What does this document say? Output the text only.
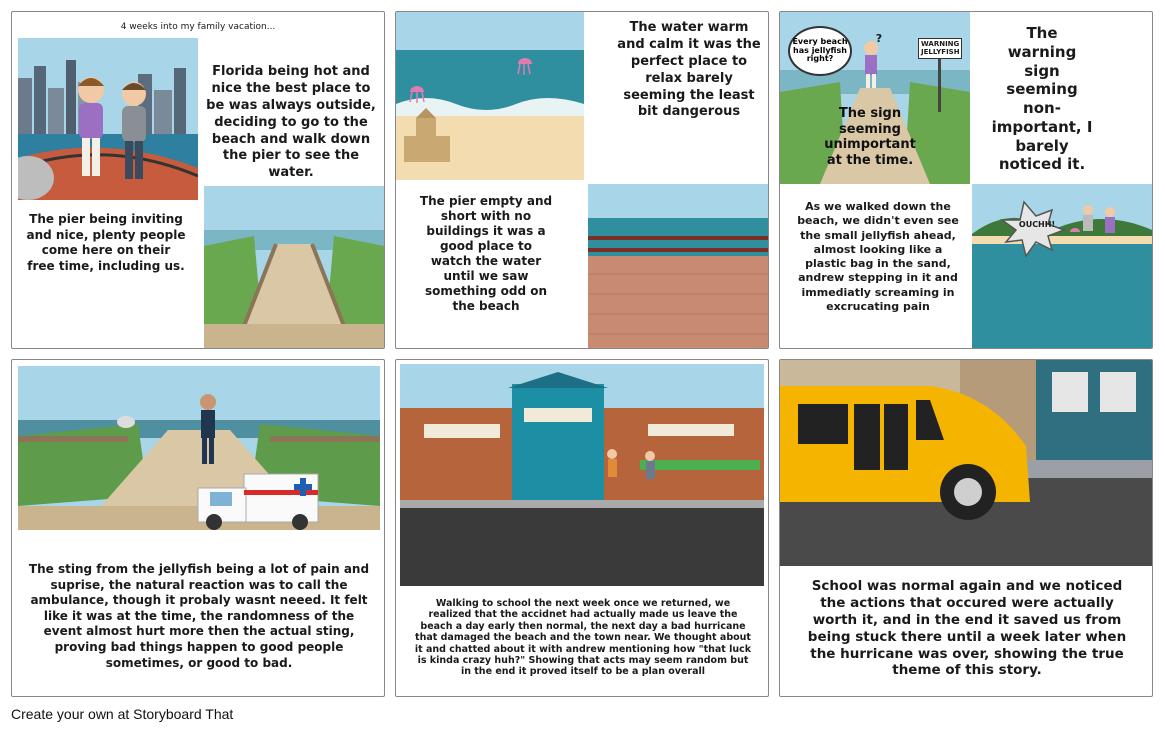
4 weeks into my family vacation...
Florida being hot and nice the best place to be was always outside, deciding to go to the beach and walk down the pier to see the water.
The pier being inviting and nice, plenty people come here on their free time, including us.
The water warm and calm it was the perfect place to relax barely seeming the least bit dangerous
The pier empty and short with no buildings it was a good place to watch the water until we saw something odd on the beach
Every beach has jellyfish right?
?	WARNING JELLYFISH
The sign seeming unimportant at the time.
The warning sign seeming non-important, I barely noticed it.
As we walked down the beach, we didn't even see the small jellyfish ahead, almost looking like a plastic bag in the sand, andrew stepping in it and immediatly screaming in excrucating pain
OUCHH!
The sting from the jellyfish being a lot of pain and suprise, the natural reaction was to call the ambulance, though it probaly wasnt neeed. It felt like it was at the time, the randomness of the event almost hurt more then the actual sting, proving bad things happen to good people sometimes, or good to bad.
Walking to school the next week once we returned, we realized that the accidnet had actually made us leave the beach a day early then normal, the next day a bad hurricane that damaged the beach and the town near. We thought about it and chatted about it with andrew mentioning how "that luck is kinda crazy huh?" Showing that acts may seem random but in the end it proved itself to be a plan overall
School was normal again and we noticed the actions that occured were actually worth it, and in the end it saved us from being stuck there until a week later when the hurricane was over, showing the true theme of this story.
Create your own at Storyboard That
